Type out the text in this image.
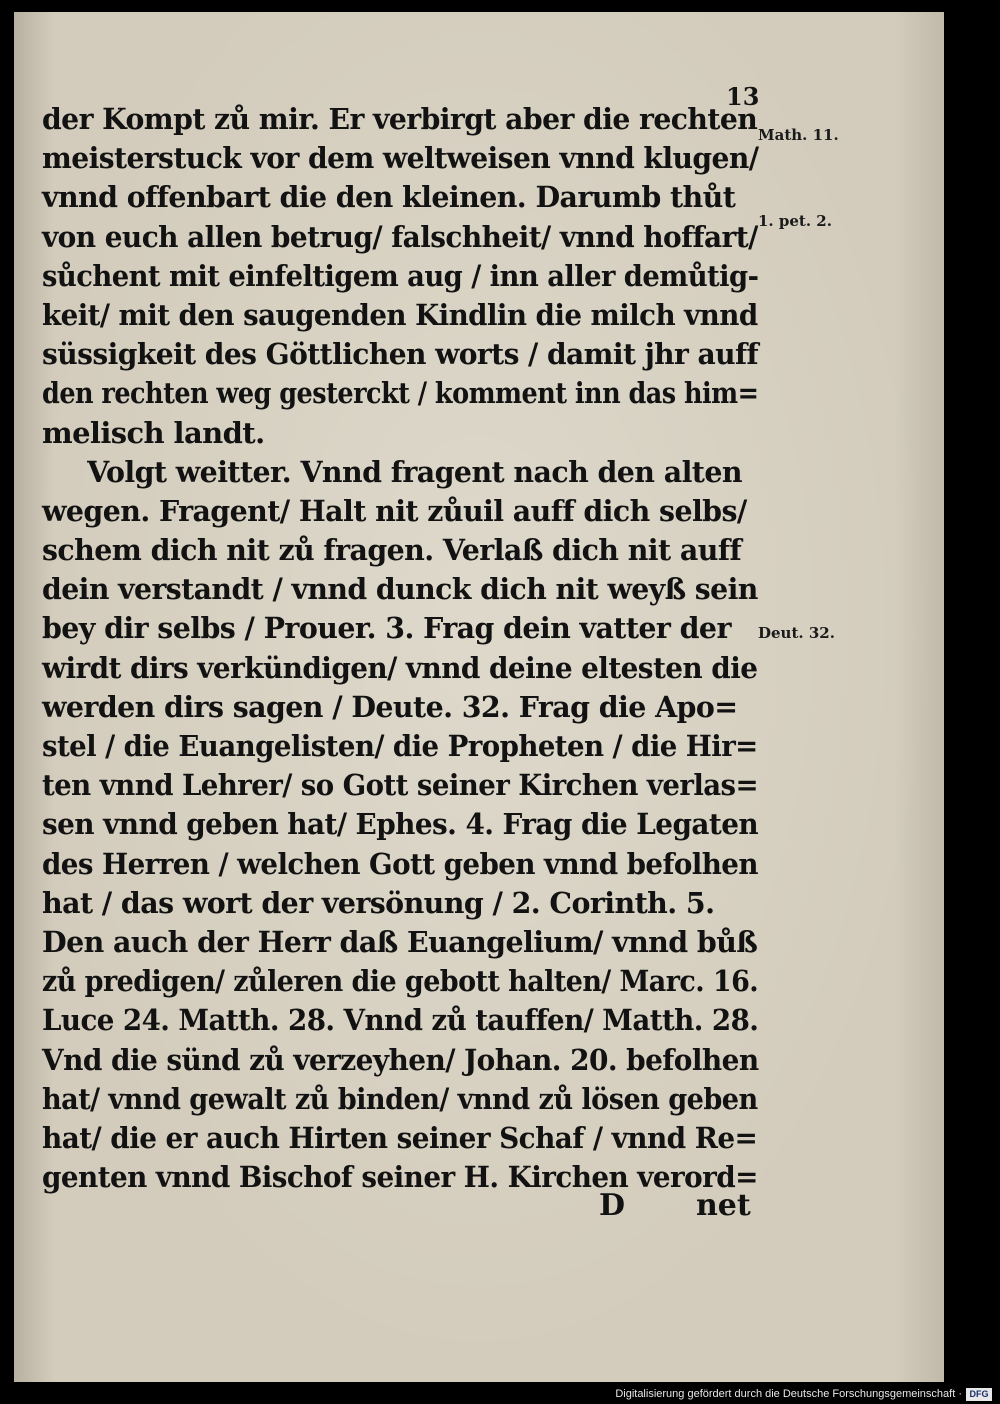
13
der Kompt zů mir. Er verbirgt aber die rechten
meisterstuck vor dem weltweisen vnnd klugen/
vnnd offenbart die den kleinen. Darumb thůt
von euch allen betrug/ falschheit/ vnnd hoffart/
sůchent mit einfeltigem aug / inn aller demůtig-
keit/ mit den saugenden Kindlin die milch vnnd
süssigkeit des Göttlichen worts / damit jhr auff
den rechten weg gesterckt / komment inn das him=
melisch landt.
Volgt weitter. Vnnd fragent nach den alten
wegen. Fragent/ Halt nit zůuil auff dich selbs/
schem dich nit zů fragen. Verlaß dich nit auff
dein verstandt / vnnd dunck dich nit weyß sein
bey dir selbs / Prouer. 3. Frag dein vatter der
wirdt dirs verkündigen/ vnnd deine eltesten die
werden dirs sagen / Deute. 32. Frag die Apo=
stel / die Euangelisten/ die Propheten / die Hir=
ten vnnd Lehrer/ so Gott seiner Kirchen verlas=
sen vnnd geben hat/ Ephes. 4. Frag die Legaten
des Herren / welchen Gott geben vnnd befolhen
hat / das wort der versönung / 2. Corinth. 5.
Den auch der Herr daß Euangelium/ vnnd bůß
zů predigen/ zůleren die gebott halten/ Marc. 16.
Luce 24. Matth. 28. Vnnd zů tauffen/ Matth. 28.
Vnd die sünd zů verzeyhen/ Johan. 20. befolhen
hat/ vnnd gewalt zů binden/ vnnd zů lösen geben
hat/ die er auch Hirten seiner Schaf / vnnd Re=
genten vnnd Bischof seiner H. Kirchen verord=
Math. 11.
1. pet. 2.
Deut. 32.
D net
Digitalisierung gefördert durch die Deutsche Forschungsgemeinschaft · DFG
